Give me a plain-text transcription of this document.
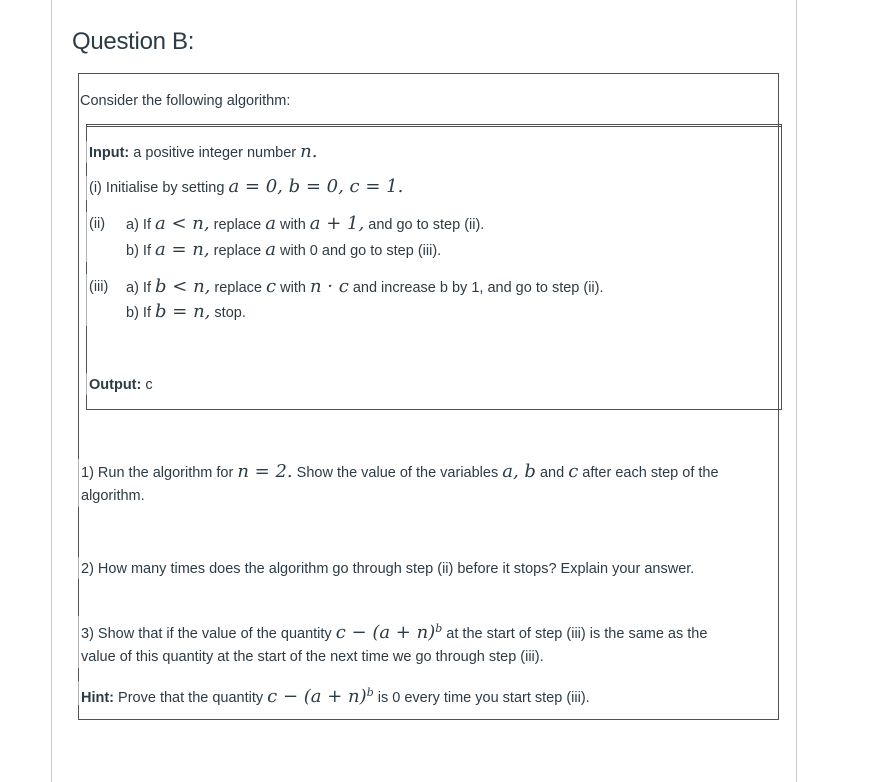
Question B:
Consider the following algorithm:
Input: a positive integer number n.
(i) Initialise by setting a = 0, b = 0, c = 1.
(ii) a) If a < n, replace a with a + 1, and go to step (ii).
b) If a = n, replace a with 0 and go to step (iii).
(iii) a) If b < n, replace c with n · c and increase b by 1, and go to step (ii).
b) If b = n, stop.
Output: c
1) Run the algorithm for n = 2. Show the value of the variables a, b and c after each step of the
algorithm.
2) How many times does the algorithm go through step (ii) before it stops? Explain your answer.
3) Show that if the value of the quantity $c - (a + n)^b$ at the start of step (iii) is the same as the
value of this quantity at the start of the next time we go through step (iii).
Hint: Prove that the quantity $c - (a + n)^b$ is 0 every time you start step (iii).
